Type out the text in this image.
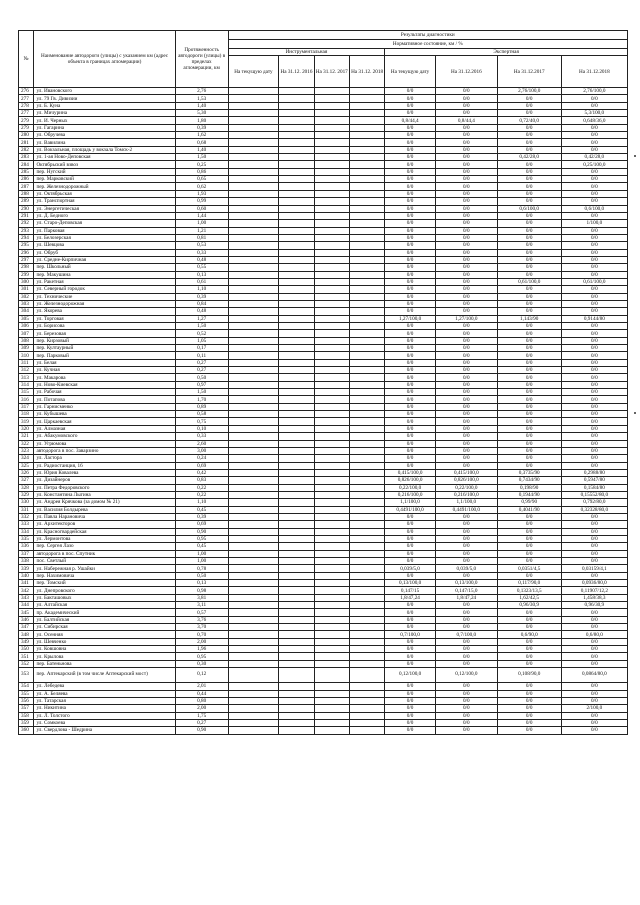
№	Наименование автодороги (улицы) с указанием км (адрес объекта в границах агломерации)	Протяженность автодороги (улицы) в пределах агломерации, км	Результаты диагностики							
			Нормативное состояние, км / %							
			Инструментальная				Экспертная			
			На текущую дату	На 31.12. 2016	На 31.12. 2017	На 31.12. 2018	На текущую дату	На 31.12.2016	На 31.12.2017	На 31.12.2018
276	ул. Ивановского	2,76					0/0	0/0	2,76/100,0	2,76/100,0
277	ул. 79 Гв. Дивизии	1,53					0/0	0/0	0/0	0/0
278	ул. Б. Куна	1,40					0/0	0/0	0/0	0/0
277	ул. Мичурина	5,30					0/0	0/0	0/0	5,3/100,0
279	ул. И. Черных	1,80					0,8/44,4	0,8/44,4	0,72/40,0	0,648/36,0
279	ул. Гагарина	0,39					0/0	0/0	0/0	0/0
280	ул. Обручева	1,62					0/0	0/0	0/0	0/0
281	ул. Вавилина	0,68					0/0	0/0	0/0	0/0
282	ул. Вокзальная, площадь у вокзала Томск-2	1,40					0/0	0/0	0/0	0/0
283	ул. 1-ая Ново-Деповская	1,50					0/0	0/0	0,42/28,0	0,42/28,0
284	Октябрьский взвоз	0,25					0/0	0/0	0/0	0,25/100,0
285	пер. Нугский	0,86					0/0	0/0	0/0	0/0
286	пер. Марковский	0,65					0/0	0/0	0/0	0/0
287	пер. Железнодорожный	0,62					0/0	0/0	0/0	0/0
288	ул. Октябрьская	1,93					0/0	0/0	0/0	0/0
289	ул. Транспортная	0,99					0/0	0/0	0/0	0/0
290	ул. Энергетическая	0,60					0/0	0/0	0,6/100,0	0,6/100,0
291	ул. Д. Бедного	1,44					0/0	0/0	0/0	0/0
292	ул. Старо-Деповская	1,00					0/0	0/0	0/0	1/100,0
293	ул. Парковая	1,21					0/0	0/0	0/0	0/0
294	ул. Белозерская	0,81					0/0	0/0	0/0	0/0
295	ул. Шевцова	0,53					0/0	0/0	0/0	0/0
296	ул. Обруб	0,33					0/0	0/0	0/0	0/0
297	ул. Средне-Кирпичная	0,48					0/0	0/0	0/0	0/0
298	пер. Школьный	0,55					0/0	0/0	0/0	0/0
299	пер. Макушина	0,13					0/0	0/0	0/0	0/0
300	ул. Ракетная	0,61					0/0	0/0	0,61/100,0	0,61/100,0
301	ул. Северный городок	1,10					0/0	0/0	0/0	0/0
302	ул. Технические	0,39					0/0	0/0	0/0	0/0
303	ул. Железнодорожная	0,84					0/0	0/0	0/0	0/0
304	ул. Якорева	0,48					0/0	0/0	0/0	0/0
305	ул. Торговая	1,27					1,27/100,0	1,27/100,0	1,143/90	0,9144/80
306	ул. Борисова	1,50					0/0	0/0	0/0	0/0
307	ул. Березовая	0,52					0/0	0/0	0/0	0/0
308	пер. Кирзовый	1,05					0/0	0/0	0/0	0/0
309	пер. Култаурный	0,17					0/0	0/0	0/0	0/0
310	пер. Парковый	0,11					0/0	0/0	0/0	0/0
311	ул. Белая	0,27					0/0	0/0	0/0	0/0
312	ул. Кучная	0,27					0/0	0/0	0/0	0/0
313	ул. Макарова	0,50					0/0	0/0	0/0	0/0
314	ул. Ново-Киевская	0,97					0/0	0/0	0/0	0/0
315	ул. Рабочая	1,50					0/0	0/0	0/0	0/0
316	ул. Потапова	1,70					0/0	0/0	0/0	0/0
317	ул. Гарнисменко	0,89					0/0	0/0	0/0	0/0
318	ул. Кубышева	0,58					0/0	0/0	0/0	0/0
319	ул. Царкаевская	0,75					0/0	0/0	0/0	0/0
320	ул. Алмазная	0,10					0/0	0/0	0/0	0/0
321	ул. Абакумовского	0,33					0/0	0/0	0/0	0/0
322	ул. Угрюмова	2,60					0/0	0/0	0/0	0/0
323	автодорога в пос. Заварзино	3,00					0/0	0/0	0/0	0/0
324	ул. Ластора	0,24					0/0	0/0	0/0	0/0
325	ул. Радиостанция, 16	0,69					0/0	0/0	0/0	0/0
326	ул. Юрия Ковалева	0,42					0,415/100,0	0,415/100,0	0,3735/90	0,2988/80
327	ул. Дизайнеров	0,83					0,826/100,0	0,826/100,0	0,7434/90	0,5947/80
328	ул. Петра Федоровского	0,22					0,22/100,0	0,22/100,0	0,198/90	0,1584/80
329	ул. Константина Лыгина	0,22					0,216/100,0	0,216/100,0	0,1944/90	0,15552/80,0
330	ул. Андрея Крячкова (за домом № 21)	1,10					1,1/100,0	1,1/100,0	0,99/90	0,792/80,0
331	ул. Василия Болдырева	0,45					0,4491/100,0	0,4491/100,0	0,4041/90	0,32328/80,0
332	ул. Павла Нарановича	0,39					0/0	0/0	0/0	0/0
333	ул. Архитекторов	0,69					0/0	0/0	0/0	0/0
334	ул. Красногвардейская	0,90					0/0	0/0	0/0	0/0
335	ул. Лермонтова	0,95					0/0	0/0	0/0	0/0
336	пер. Сергея Лазо	0,45					0/0	0/0	0/0	0/0
337	автодорога в пос. Спутник	1,00					0/0	0/0	0/0	0/0
338	пос. Светлый	1,00					0/0	0/0	0/0	0/0
339	ул. Набережная р. Ушайки	0,78					0,039/5,0	0,039/5,0	0,0351/4,5	0,03159/4,1
340	пер. Нахимовича	0,50					0/0	0/0	0/0	0/0
341	пер. Томский	0,13					0,13/100,0	0,13/100,0	0,117/90,0	0,0936/80,0
342	ул. Днепровского	0,98					0,147/15	0,147/15,0	0,1323/13,5	0,11907/12,2
343	ул. Бакташовых	3,81					1,8/47,24	1,8/47,24	1,62/42,5	1,458/38,3
344	ул. Алтайская	3,11					0/0	0/0	0,96/30,9	0,96/30,9
345	пр. Академический	0,57					0/0	0/0	0/0	0/0
346	ул. Балтийская	3,76					0/0	0/0	0/0	0/0
347	ул. Сибирская	3,70					0/0	0/0	0/0	0/0
348	ул. Осенняя	0,70					0,7/100,0	0,7/100,0	0,6/90,0	0,6/80,0
349	ул. Шевченко	2,00					0/0	0/0	0/0	0/0
350	ул. Ковшовна	1,96					0/0	0/0	0/0	0/0
351	ул. Крылова	0,95					0/0	0/0	0/0	0/0
352	пер. Батеньнова	0,30					0/0	0/0	0/0	0/0
353	пер. Аптекарский (в том числе Аптекарский мост)	0,12					0,12/100,0	0,12/100,0	0,108/90,0	0,0864/80,0
354	ул. Лебедева	2,01					0/0	0/0	0/0	0/0
355	ул. А. Беляева	0,44					0/0	0/0	0/0	0/0
356	ул. Татарская	0,80					0/0	0/0	0/0	0/0
357	ул. Никитина	2,00					0/0	0/0	0/0	2/100,0
358	ул. Л. Толстого	1,75					0/0	0/0	0/0	0/0
359	ул. Сомкоева	0,27					0/0	0/0	0/0	0/0
360	ул. Свердлова - Шедрина	0,90					0/0	0/0	0/0	0/0
